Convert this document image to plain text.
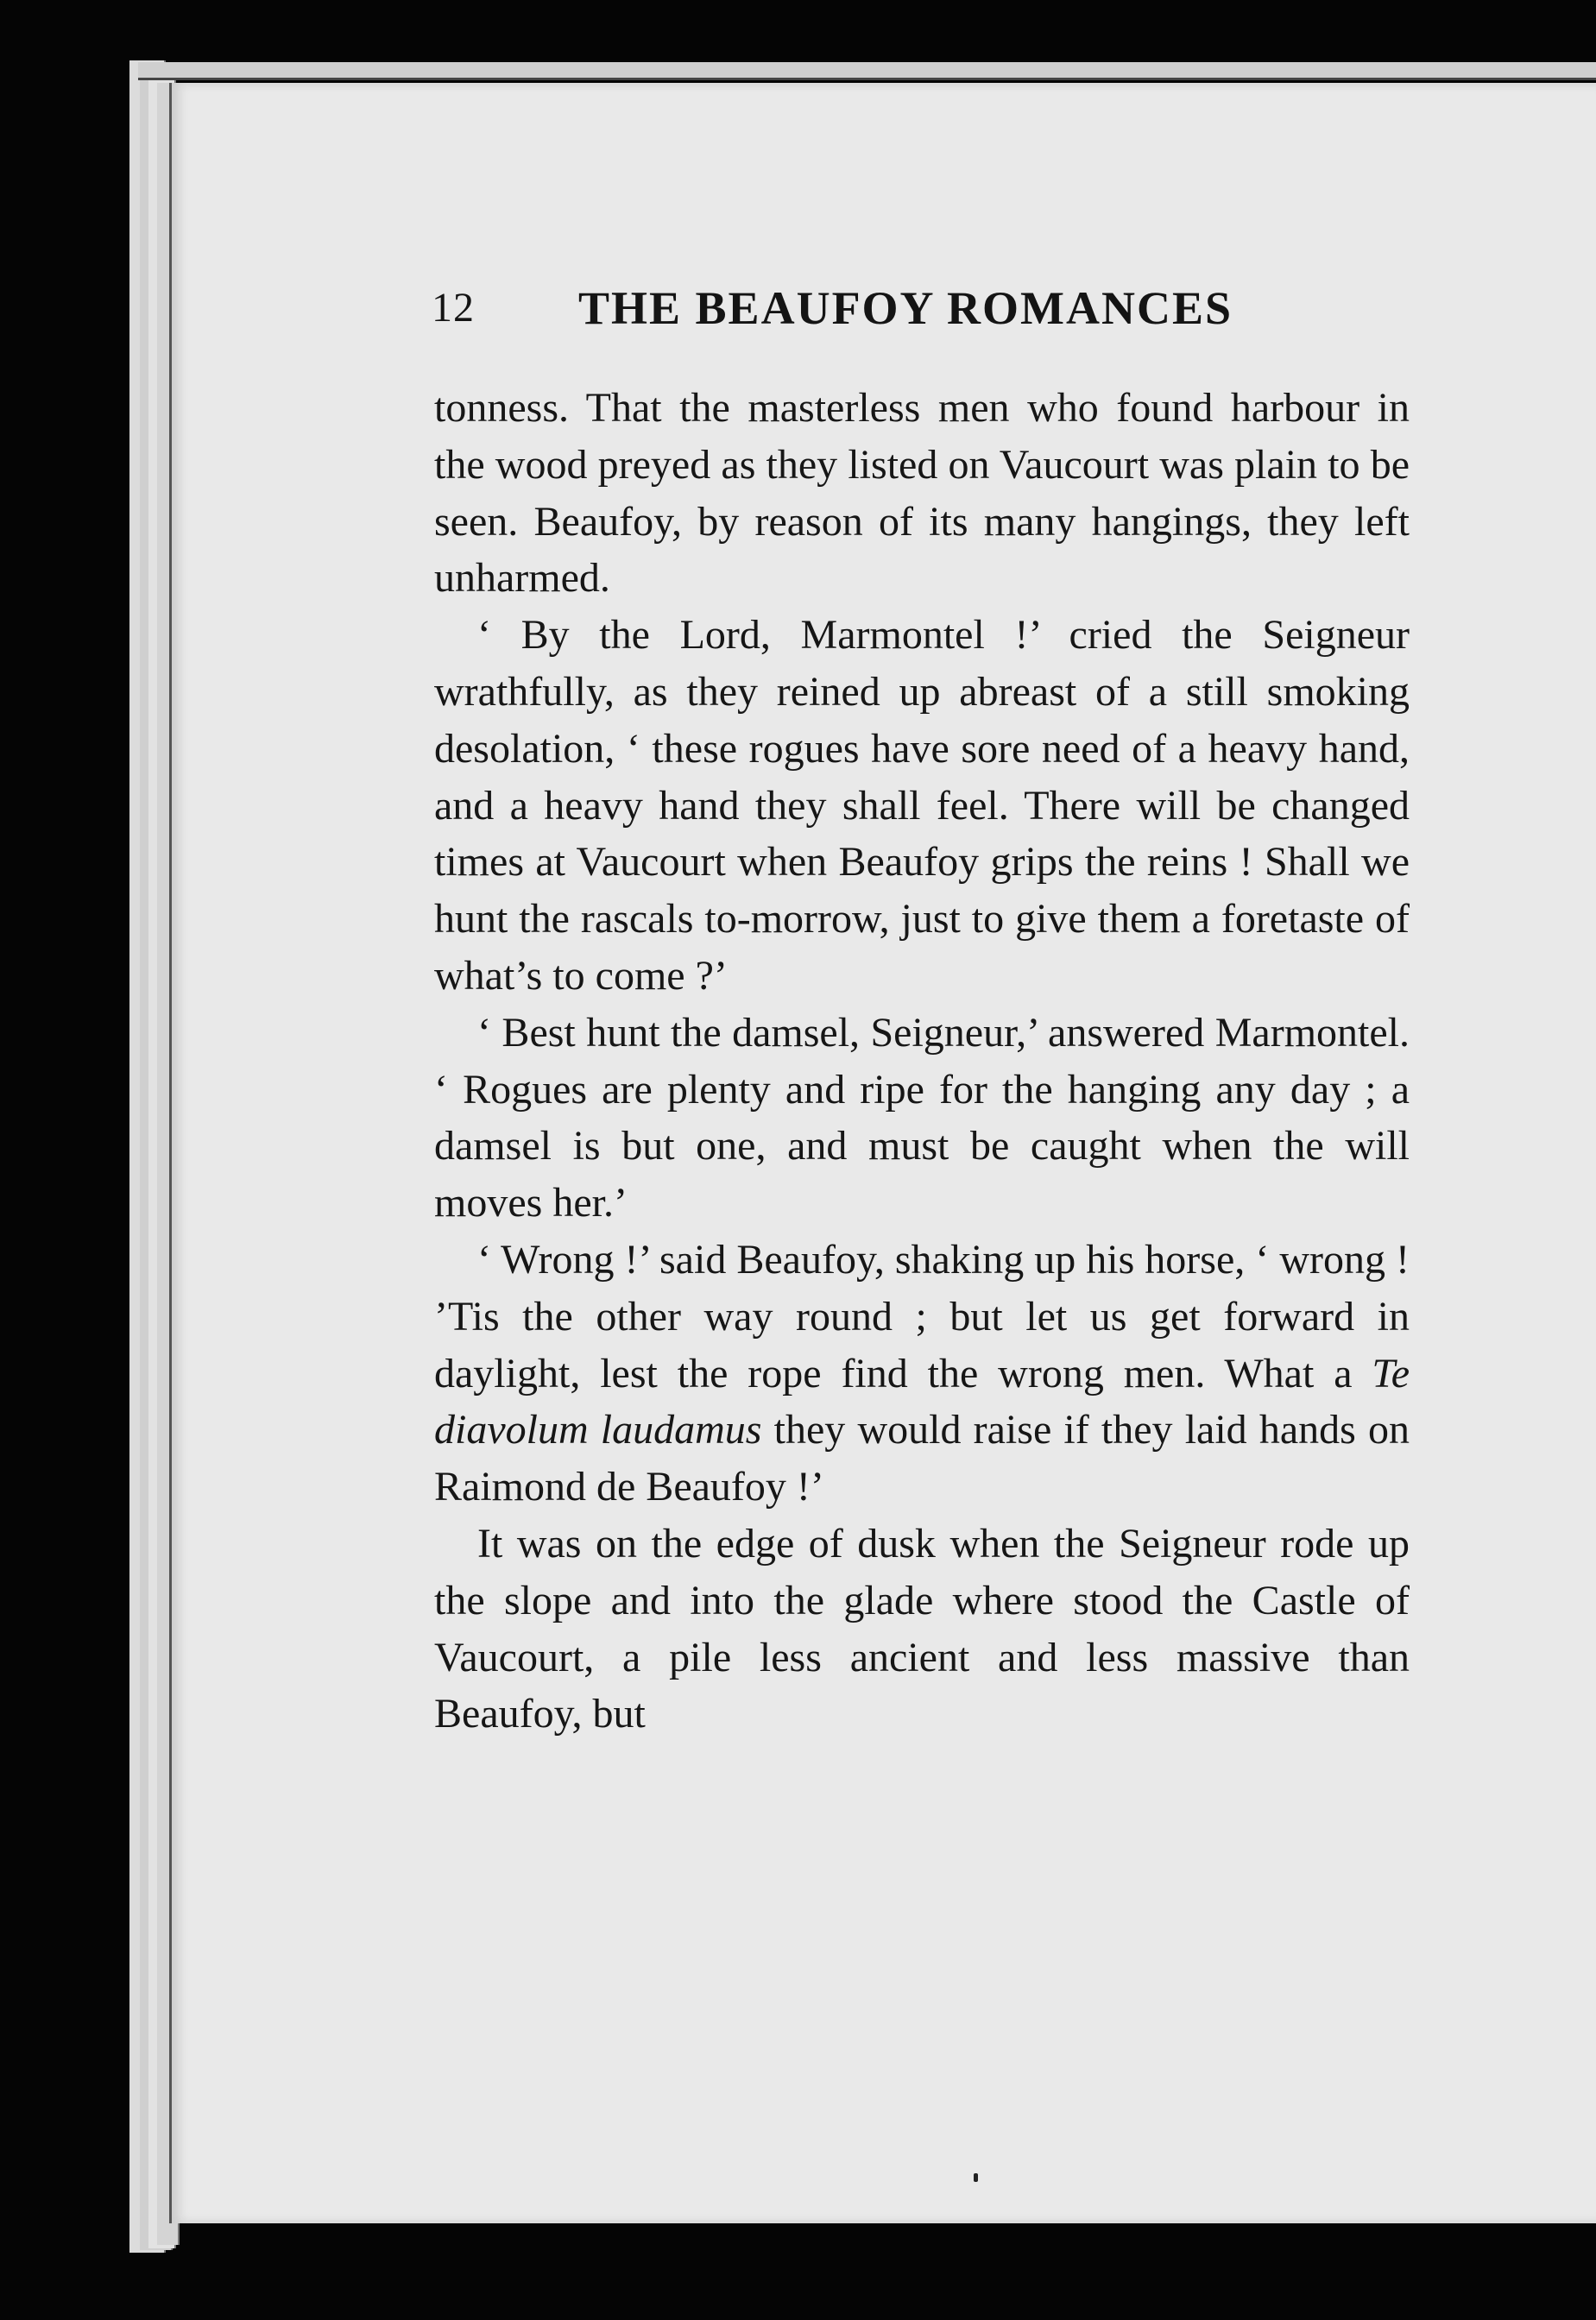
12 THE BEAUFOY ROMANCES

tonness. That the masterless men who found harbour in the wood preyed as they listed on Vaucourt was plain to be seen. Beaufoy, by reason of its many hangings, they left unharmed.

‘ By the Lord, Marmontel !’ cried the Seigneur wrathfully, as they reined up abreast of a still smoking desolation, ‘ these rogues have sore need of a heavy hand, and a heavy hand they shall feel. There will be changed times at Vaucourt when Beaufoy grips the reins ! Shall we hunt the rascals to-morrow, just to give them a foretaste of what’s to come ?’

‘ Best hunt the damsel, Seigneur,’ answered Marmontel. ‘ Rogues are plenty and ripe for the hanging any day ; a damsel is but one, and must be caught when the will moves her.’

‘ Wrong !’ said Beaufoy, shaking up his horse, ‘ wrong ! ’Tis the other way round ; but let us get forward in daylight, lest the rope find the wrong men. What a Te diavolum laudamus they would raise if they laid hands on Raimond de Beaufoy !’

It was on the edge of dusk when the Seigneur rode up the slope and into the glade where stood the Castle of Vaucourt, a pile less ancient and less massive than Beaufoy, but
